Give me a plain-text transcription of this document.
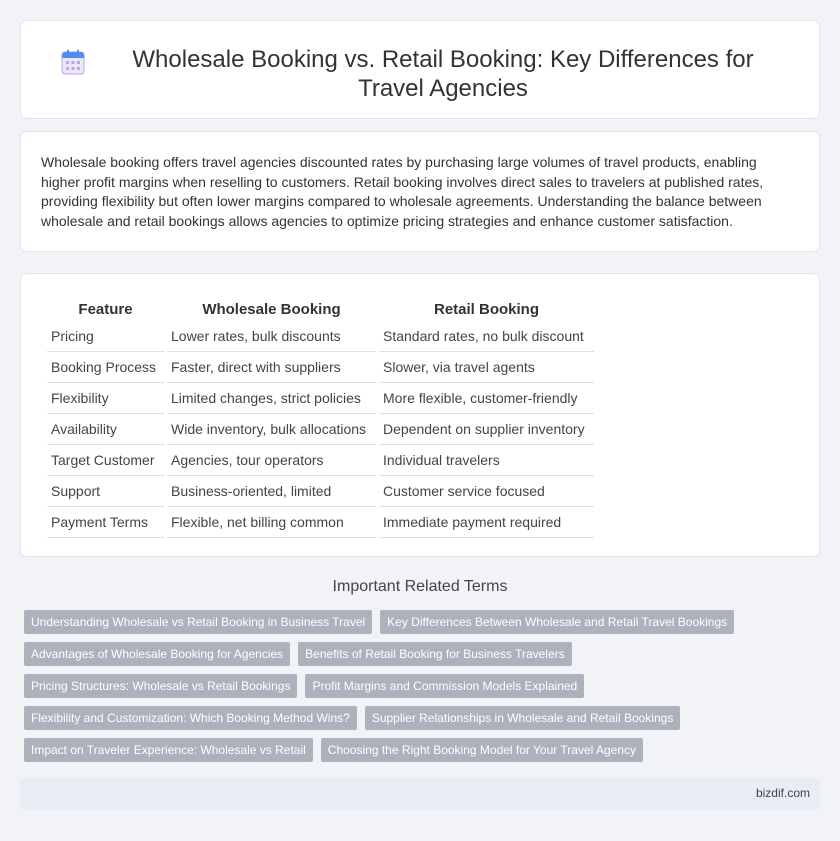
Wholesale Booking vs. Retail Booking: Key Differences for Travel Agencies

Wholesale booking offers travel agencies discounted rates by purchasing large volumes of travel products, enabling higher profit margins when reselling to customers. Retail booking involves direct sales to travelers at published rates, providing flexibility but often lower margins compared to wholesale agreements. Understanding the balance between wholesale and retail bookings allows agencies to optimize pricing strategies and enhance customer satisfaction.

Feature	Wholesale Booking	Retail Booking
Pricing	Lower rates, bulk discounts	Standard rates, no bulk discount
Booking Process	Faster, direct with suppliers	Slower, via travel agents
Flexibility	Limited changes, strict policies	More flexible, customer-friendly
Availability	Wide inventory, bulk allocations	Dependent on supplier inventory
Target Customer	Agencies, tour operators	Individual travelers
Support	Business-oriented, limited	Customer service focused
Payment Terms	Flexible, net billing common	Immediate payment required
Important Related Terms
Understanding Wholesale vs Retail Booking in Business Travel	Key Differences Between Wholesale and Retail Travel Bookings
Advantages of Wholesale Booking for Agencies	Benefits of Retail Booking for Business Travelers
Pricing Structures: Wholesale vs Retail Bookings	Profit Margins and Commission Models Explained
Flexibility and Customization: Which Booking Method Wins?	Supplier Relationships in Wholesale and Retail Bookings
Impact on Traveler Experience: Wholesale vs Retail	Choosing the Right Booking Model for Your Travel Agency
bizdif.com
